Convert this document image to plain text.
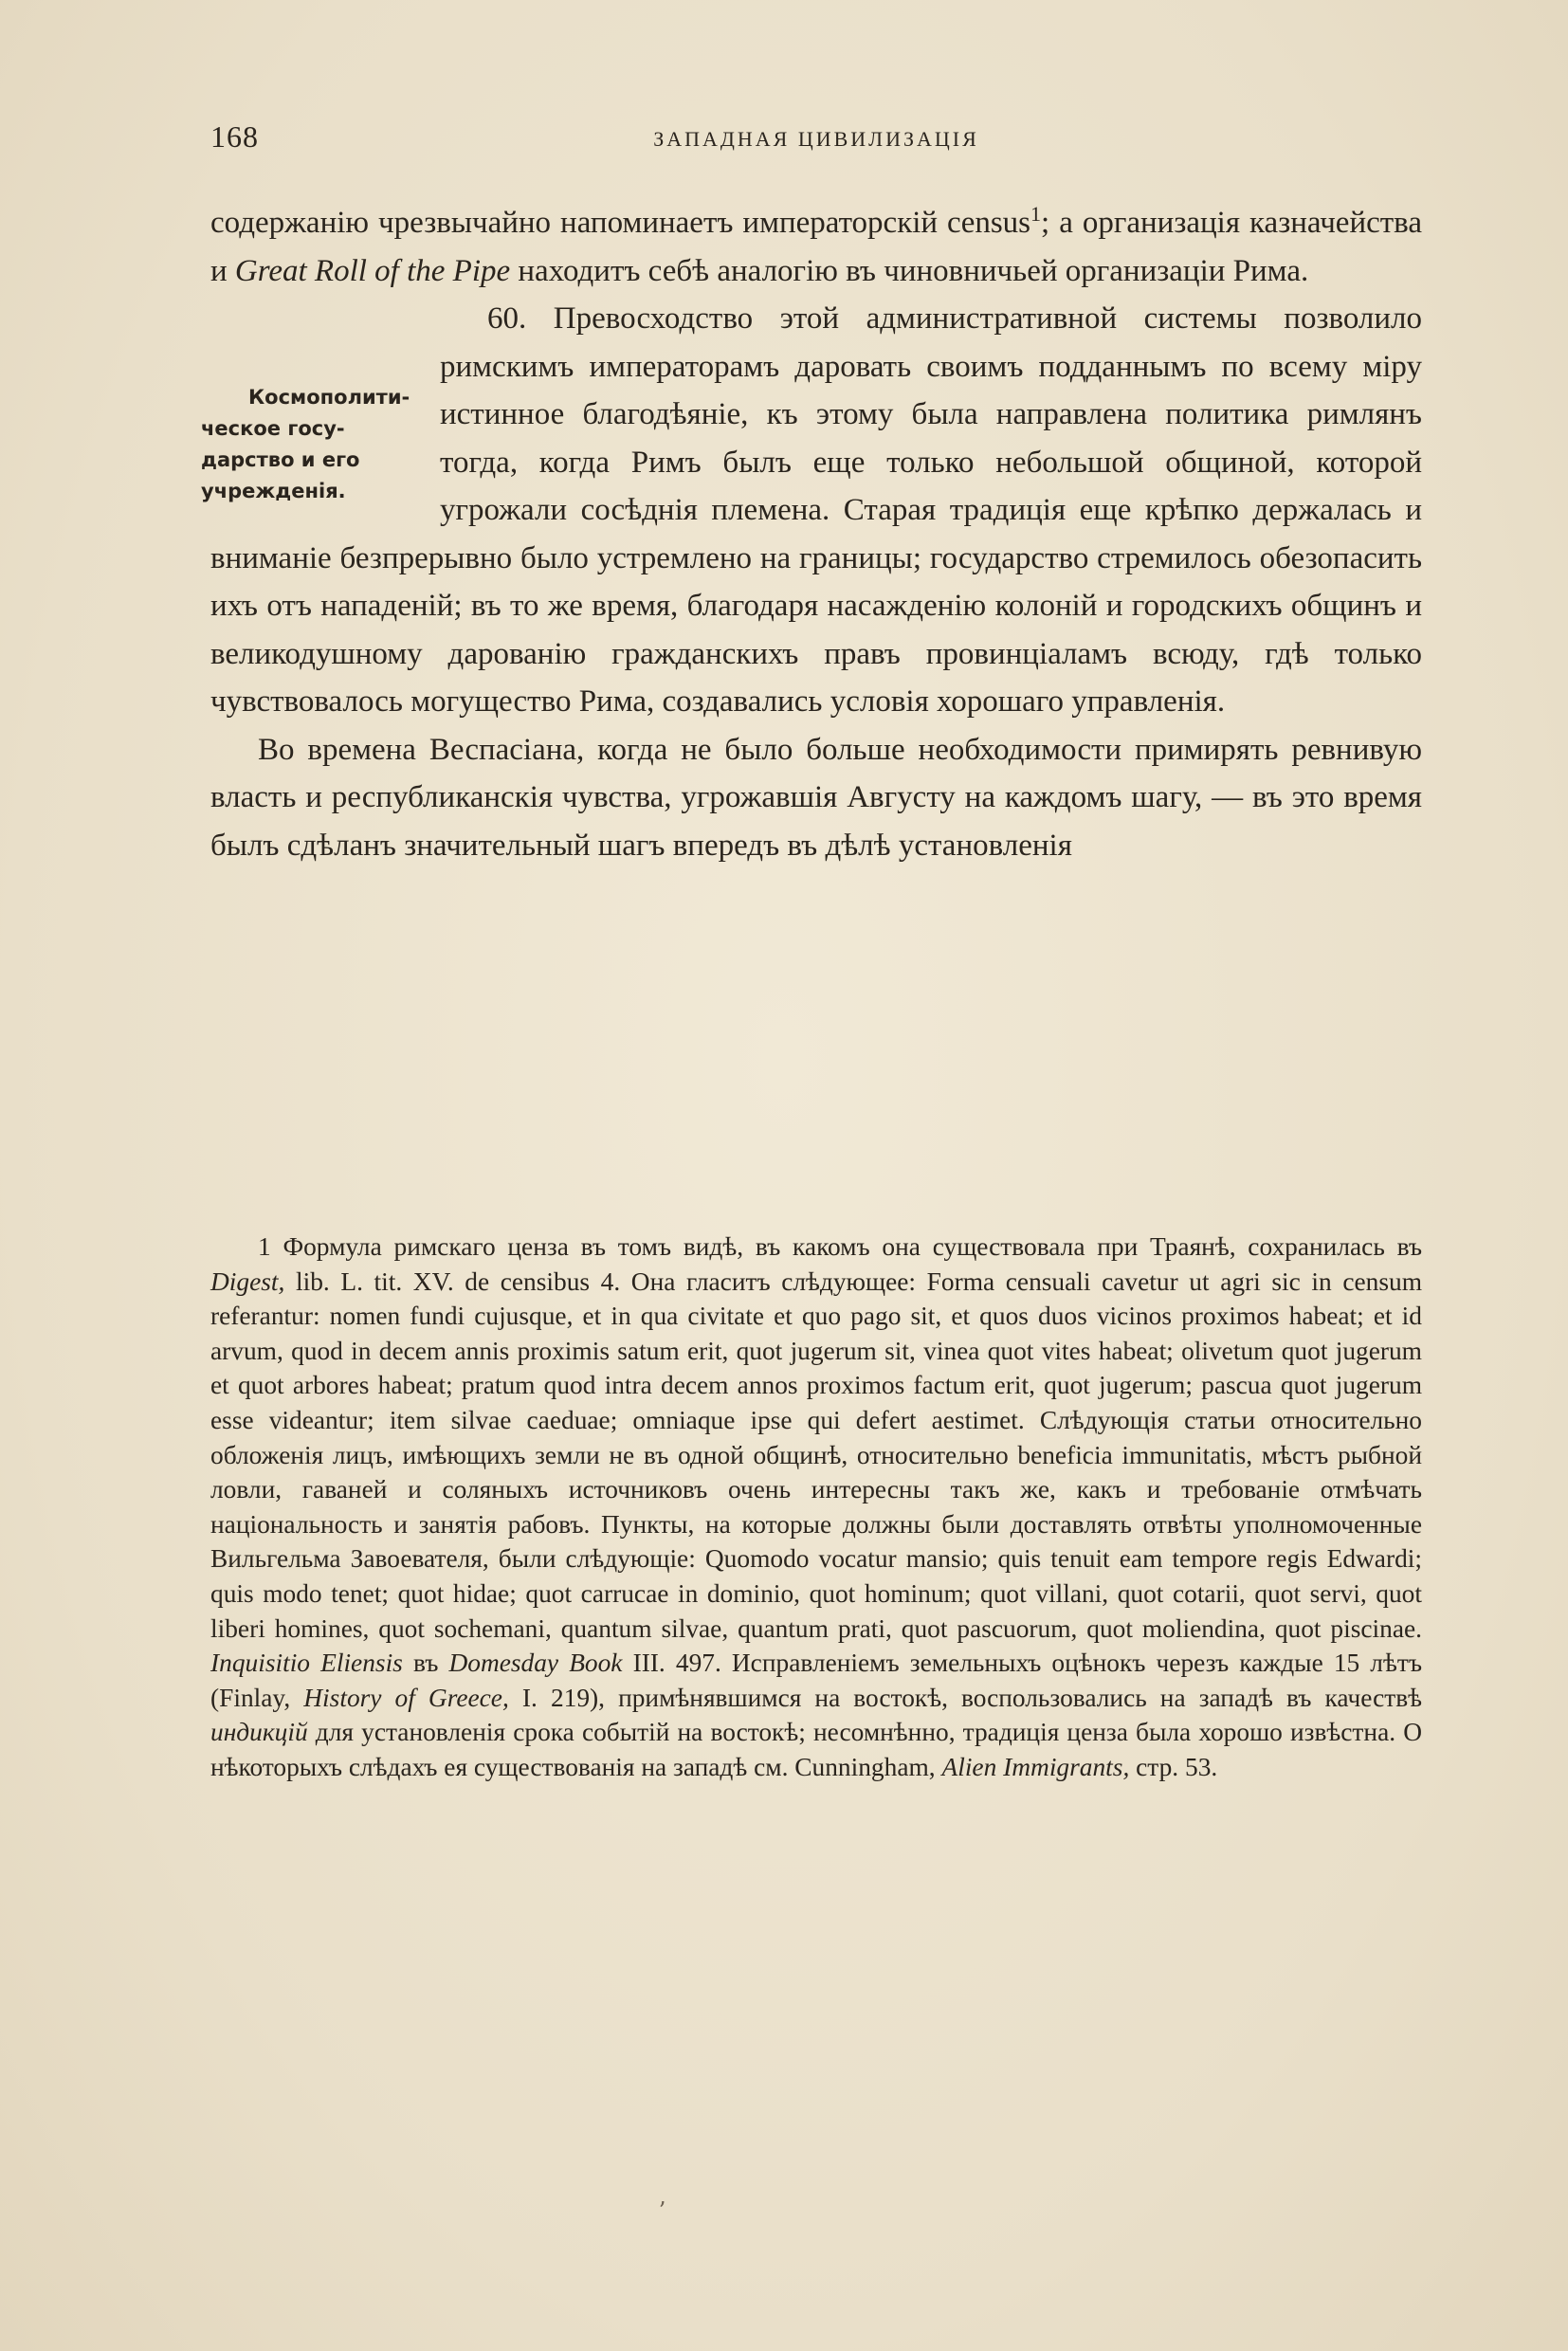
168	ЗАПАДНАЯ ЦИВИЛИЗАЦІЯ

содержанію чрезвычайно напоминаетъ императорскій census$^1$; а организація казначейства и Great Roll of the Pipe находитъ себѣ аналогію въ чиновничьей организаціи Рима.

Космополити-
ческое госу-
дарство и его
учрежденія.
60. Превосходство этой административной системы позволило римскимъ императорамъ даровать своимъ подданнымъ по всему міру истинное благодѣяніе, къ этому была направлена политика римлянъ тогда, когда Римъ былъ еще только небольшой общиной, которой угрожали сосѣднія племена. Старая традиція еще крѣпко держалась и вниманіе безпрерывно было устремлено на границы; государство стремилось обезопасить ихъ отъ нападеній; въ то же время, благодаря насажденію колоній и городскихъ общинъ и великодушному дарованію гражданскихъ правъ провинціаламъ всюду, гдѣ только чувствовалось могущество Рима, создавались условія хорошаго управленія.

Во времена Веспасіана, когда не было больше необходимости примирять ревнивую власть и республиканскія чувства, угрожавшія Августу на каждомъ шагу, — въ это время былъ сдѣланъ значительный шагъ впередъ въ дѣлѣ установленія

1 Формула римскаго ценза въ томъ видѣ, въ какомъ она существовала при Траянѣ, сохранилась въ Digest, lib. L. tit. XV. de censibus 4. Она гласитъ слѣдующее: Forma censuali cavetur ut agri sic in censum referantur: nomen fundi cujusque, et in qua civitate et quo pago sit, et quos duos vicinos proximos habeat; et id arvum, quod in decem annis proximis satum erit, quot jugerum sit, vinea quot vites habeat; olivetum quot jugerum et quot arbores habeat; pratum quod intra decem annos proximos factum erit, quot jugerum; pascua quot jugerum esse videantur; item silvae caeduae; omniaque ipse qui defert aestimet. Слѣдующія статьи относительно обложенія лицъ, имѣющихъ земли не въ одной общинѣ, относительно beneficia immunitatis, мѣстъ рыбной ловли, гаваней и соляныхъ источниковъ очень интересны такъ же, какъ и требованіе отмѣчать національность и занятія рабовъ. Пункты, на которые должны были доставлять отвѣты уполномоченные Вильгельма Завоевателя, были слѣдующіе: Quomodo vocatur mansio; quis tenuit eam tempore regis Edwardi; quis modo tenet; quot hidae; quot carrucae in dominio, quot hominum; quot villani, quot cotarii, quot servi, quot liberi homines, quot sochemani, quantum silvae, quantum prati, quot pascuorum, quot moliendina, quot piscinae. Inquisitio Eliensis въ Domesday Book III. 497. Исправленіемъ земельныхъ оцѣнокъ черезъ каждые 15 лѣтъ (Finlay, History of Greece, I. 219), примѣнявшимся на востокѣ, воспользовались на западѣ въ качествѣ индикцій для установленія срока событій на востокѣ; несомнѣнно, традиція ценза была хорошо извѣстна. О нѣкоторыхъ слѣдахъ ея существованія на западѣ см. Cunningham, Alien Immigrants, стр. 53.

ʼ
